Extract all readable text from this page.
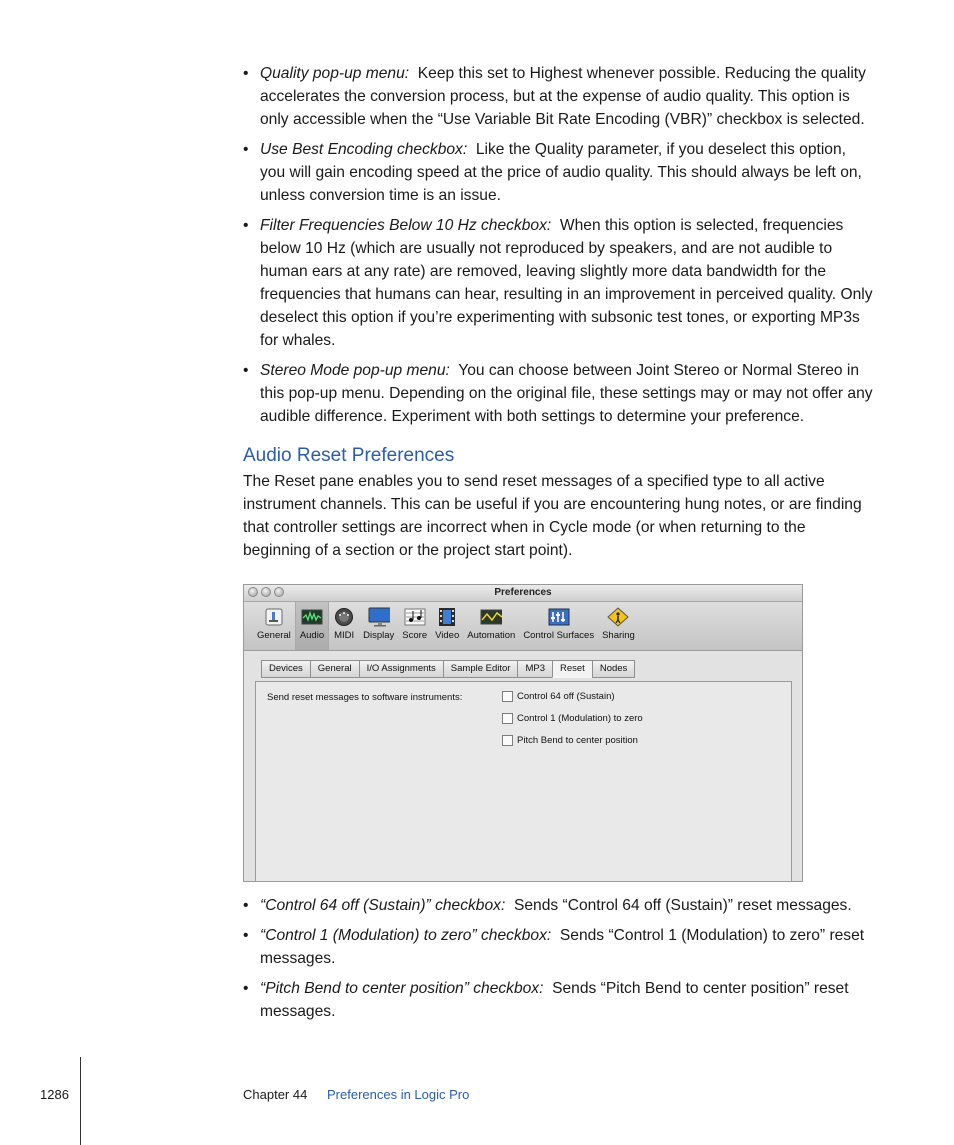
• Quality pop-up menu: Keep this set to Highest whenever possible. Reducing the quality accelerates the conversion process, but at the expense of audio quality. This option is only accessible when the “Use Variable Bit Rate Encoding (VBR)” checkbox is selected.
• Use Best Encoding checkbox: Like the Quality parameter, if you deselect this option, you will gain encoding speed at the price of audio quality. This should always be left on, unless conversion time is an issue.
• Filter Frequencies Below 10 Hz checkbox: When this option is selected, frequencies below 10 Hz (which are usually not reproduced by speakers, and are not audible to human ears at any rate) are removed, leaving slightly more data bandwidth for the frequencies that humans can hear, resulting in an improvement in perceived quality. Only deselect this option if you’re experimenting with subsonic test tones, or exporting MP3s for whales.
• Stereo Mode pop-up menu: You can choose between Joint Stereo or Normal Stereo in this pop-up menu. Depending on the original file, these settings may or may not offer any audible difference. Experiment with both settings to determine your preference.
Audio Reset Preferences

The Reset pane enables you to send reset messages of a specified type to all active instrument channels. This can be useful if you are encountering hung notes, or are finding that controller settings are incorrect when in Cycle mode (or when returning to the beginning of a section or the project start point).

Preferences
General Audio MIDI Display Score Video Automation Control Surfaces Sharing
Devices	General	I/O Assignments	Sample Editor	MP3	Reset	Nodes
Send reset messages to software instruments:	Control 64 off (Sustain)
Control 1 (Modulation) to zero
Pitch Bend to center position
• “Control 64 off (Sustain)” checkbox: Sends “Control 64 off (Sustain)” reset messages.
• “Control 1 (Modulation) to zero” checkbox: Sends “Control 1 (Modulation) to zero” reset messages.
• “Pitch Bend to center position” checkbox: Sends “Pitch Bend to center position” reset messages.
1286	Chapter 44 Preferences in Logic Pro
